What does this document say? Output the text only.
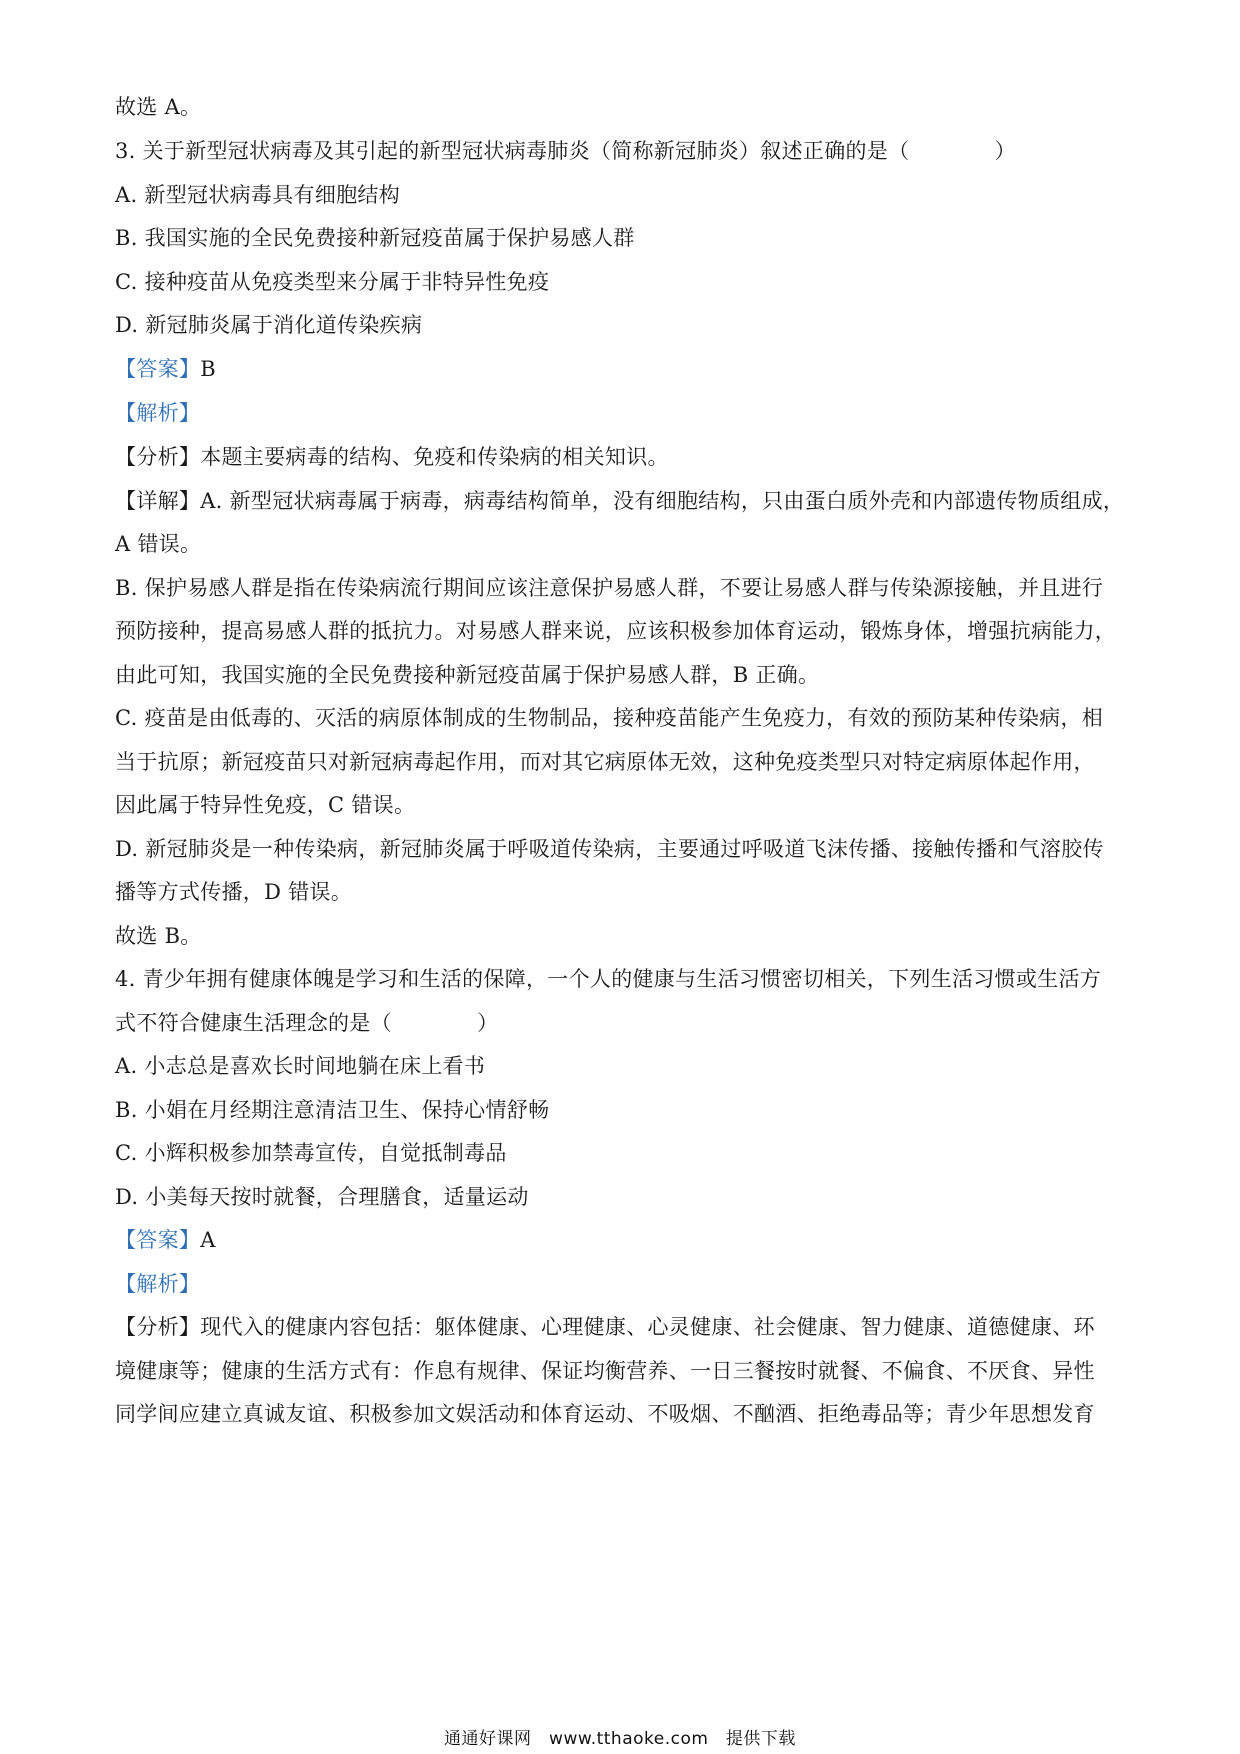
故选 A。
3. 关于新型冠状病毒及其引起的新型冠状病毒肺炎（简称新冠肺炎）叙述正确的是（　　　　）
A. 新型冠状病毒具有细胞结构
B. 我国实施的全民免费接种新冠疫苗属于保护易感人群
C. 接种疫苗从免疫类型来分属于非特异性免疫
D. 新冠肺炎属于消化道传染疾病
【答案】B
【解析】
【分析】本题主要病毒的结构、免疫和传染病的相关知识。
【详解】A. 新型冠状病毒属于病毒，病毒结构简单，没有细胞结构，只由蛋白质外壳和内部遗传物质组成，
A 错误。
B. 保护易感人群是指在传染病流行期间应该注意保护易感人群，不要让易感人群与传染源接触，并且进行
预防接种，提高易感人群的抵抗力。对易感人群来说，应该积极参加体育运动，锻炼身体，增强抗病能力，
由此可知，我国实施的全民免费接种新冠疫苗属于保护易感人群，B 正确。
C. 疫苗是由低毒的、灭活的病原体制成的生物制品，接种疫苗能产生免疫力，有效的预防某种传染病，相
当于抗原；新冠疫苗只对新冠病毒起作用，而对其它病原体无效，这种免疫类型只对特定病原体起作用，
因此属于特异性免疫，C 错误。
D. 新冠肺炎是一种传染病，新冠肺炎属于呼吸道传染病，主要通过呼吸道飞沫传播、接触传播和气溶胶传
播等方式传播，D 错误。
故选 B。
4. 青少年拥有健康体魄是学习和生活的保障，一个人的健康与生活习惯密切相关，下列生活习惯或生活方
式不符合健康生活理念的是（　　　　）
A. 小志总是喜欢长时间地躺在床上看书
B. 小娟在月经期注意清洁卫生、保持心情舒畅
C. 小辉积极参加禁毒宣传，自觉抵制毒品
D. 小美每天按时就餐，合理膳食，适量运动
【答案】A
【解析】
【分析】现代入的健康内容包括：躯体健康、心理健康、心灵健康、社会健康、智力健康、道德健康、环
境健康等；健康的生活方式有：作息有规律、保证均衡营养、一日三餐按时就餐、不偏食、不厌食、异性
同学间应建立真诚友谊、积极参加文娱活动和体育运动、不吸烟、不酗酒、拒绝毒品等；青少年思想发育
通通好课网　www.tthaoke.com　提供下载
